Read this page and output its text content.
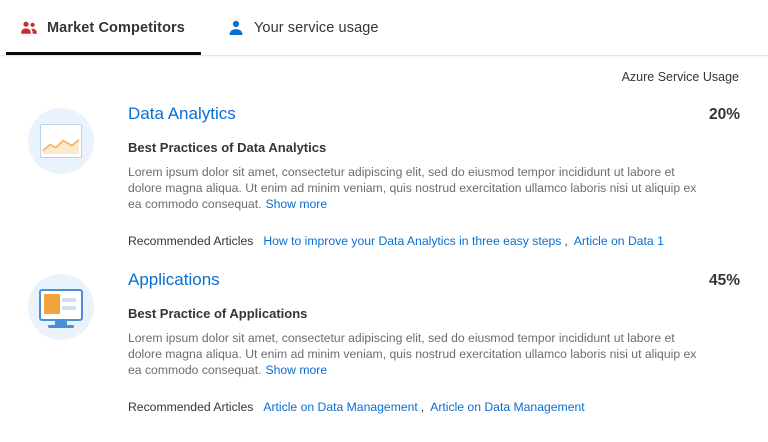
Market Competitors	Your service usage
Azure Service Usage
Data Analytics	20%
Best Practices of Data Analytics
Lorem ipsum dolor sit amet, consectetur adipiscing elit, sed do eiusmod tempor incididunt ut labore et dolore magna aliqua. Ut enim ad minim veniam, quis nostrud exercitation ullamco laboris nisi ut aliquip ex ea commodo consequat. Show more
Recommended Articles How to improve your Data Analytics in three easy steps , Article on Data 1
Applications	45%
Best Practice of Applications
Lorem ipsum dolor sit amet, consectetur adipiscing elit, sed do eiusmod tempor incididunt ut labore et dolore magna aliqua. Ut enim ad minim veniam, quis nostrud exercitation ullamco laboris nisi ut aliquip ex ea commodo consequat. Show more
Recommended Articles Article on Data Management , Article on Data Management
